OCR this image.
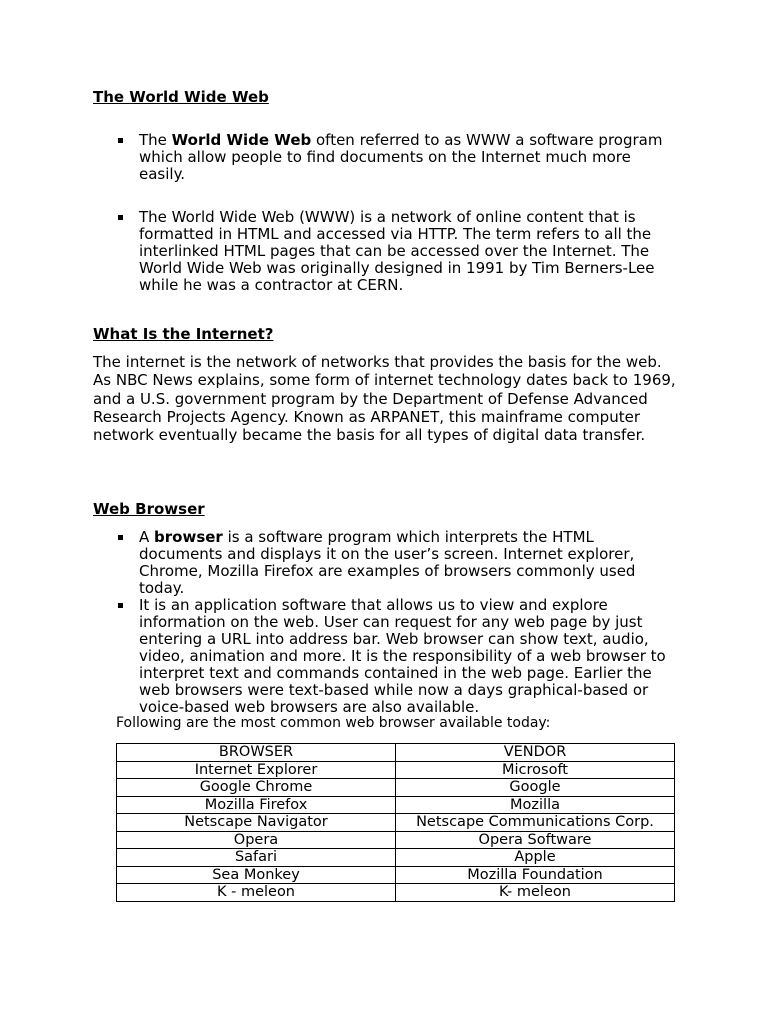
The World Wide Web
The World Wide Web often referred to as WWW a software program which allow people to find documents on the Internet much more easily.
The World Wide Web (WWW) is a network of online content that is formatted in HTML and accessed via HTTP. The term refers to all the interlinked HTML pages that can be accessed over the Internet. The World Wide Web was originally designed in 1991 by Tim Berners-Lee while he was a contractor at CERN.
What Is the Internet?

The internet is the network of networks that provides the basis for the web. As NBC News explains, some form of internet technology dates back to 1969, and a U.S. government program by the Department of Defense Advanced Research Projects Agency. Known as ARPANET, this mainframe computer network eventually became the basis for all types of digital data transfer.

Web Browser
A browser is a software program which interprets the HTML documents and displays it on the user’s screen. Internet explorer, Chrome, Mozilla Firefox are examples of browsers commonly used today.
It is an application software that allows us to view and explore information on the web. User can request for any web page by just entering a URL into address bar. Web browser can show text, audio, video, animation and more. It is the responsibility of a web browser to interpret text and commands contained in the web page. Earlier the web browsers were text-based while now a days graphical-based or voice-based web browsers are also available.

Following are the most common web browser available today:

BROWSER	VENDOR
Internet Explorer	Microsoft
Google Chrome	Google
Mozilla Firefox	Mozilla
Netscape Navigator	Netscape Communications Corp.
Opera	Opera Software
Safari	Apple
Sea Monkey	Mozilla Foundation
K - meleon	K- meleon
